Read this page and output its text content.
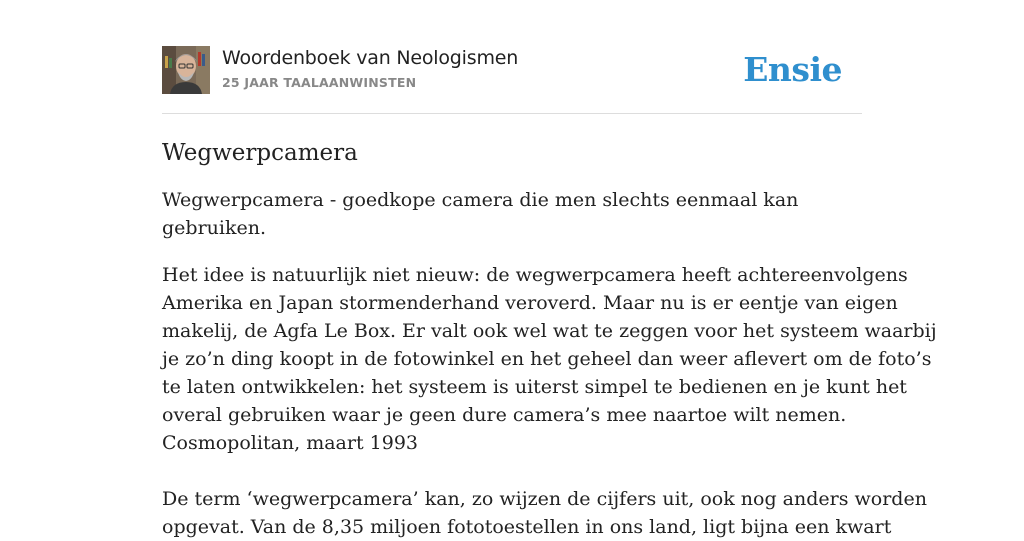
Woordenboek van Neologismen
25 JAAR TAALAANWINSTEN	Ensie
Wegwerpcamera

Wegwerpcamera - goedkope camera die men slechts eenmaal kan gebruiken.

Het idee is natuurlijk niet nieuw: de wegwerpcamera heeft achtereenvolgens
Amerika en Japan stormenderhand veroverd. Maar nu is er eentje van eigen
makelij, de Agfa Le Box. Er valt ook wel wat te zeggen voor het systeem waarbij
je zo’n ding koopt in de fotowinkel en het geheel dan weer aflevert om de foto’s
te laten ontwikkelen: het systeem is uiterst simpel te bedienen en je kunt het
overal gebruiken waar je geen dure camera’s mee naartoe wilt nemen.
Cosmopolitan, maart 1993
De term ‘wegwerpcamera’ kan, zo wijzen de cijfers uit, ook nog anders worden
opgevat. Van de 8,35 miljoen fototoestellen in ons land, ligt bijna een kwart
